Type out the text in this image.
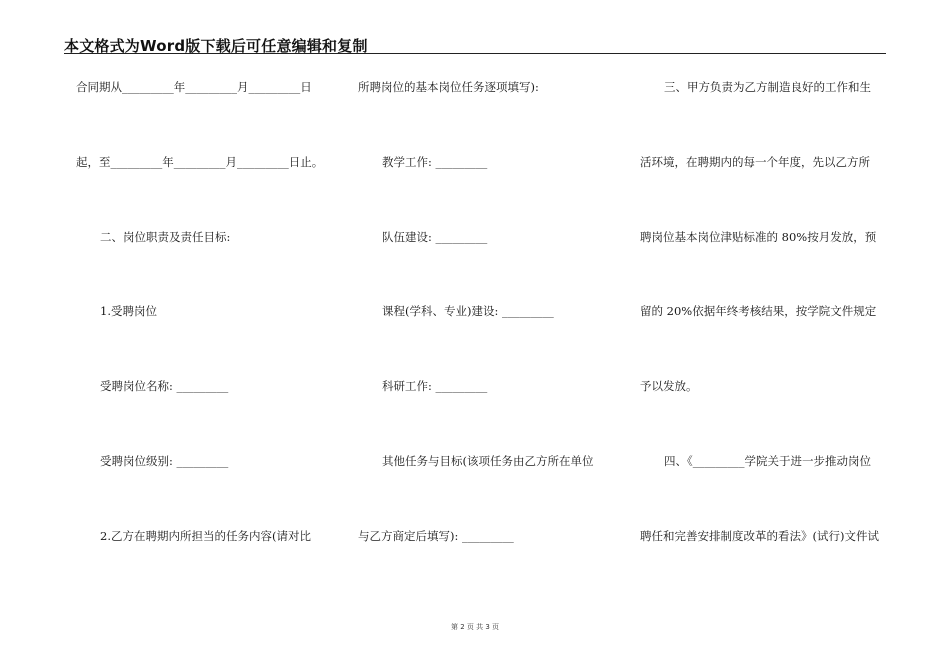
本文格式为Word版下载后可任意编辑和复制
合同期从_________年_________月_________日
起，至_________年_________月_________日止。
二、岗位职责及责任目标:
1.受聘岗位
受聘岗位名称: _________
受聘岗位级别: _________
2.乙方在聘期内所担当的任务内容(请对比
所聘岗位的基本岗位任务逐项填写):
教学工作: _________
队伍建设: _________
课程(学科、专业)建设: _________
科研工作: _________
其他任务与目标(该项任务由乙方所在单位
与乙方商定后填写): _________
三、甲方负责为乙方制造良好的工作和生
活环境，在聘期内的每一个年度，先以乙方所
聘岗位基本岗位津贴标准的 80%按月发放，预
留的 20%依据年终考核结果，按学院文件规定
予以发放。
四、《_________学院关于进一步推动岗位
聘任和完善安排制度改革的看法》(试行)文件试
第 2 页 共 3 页
